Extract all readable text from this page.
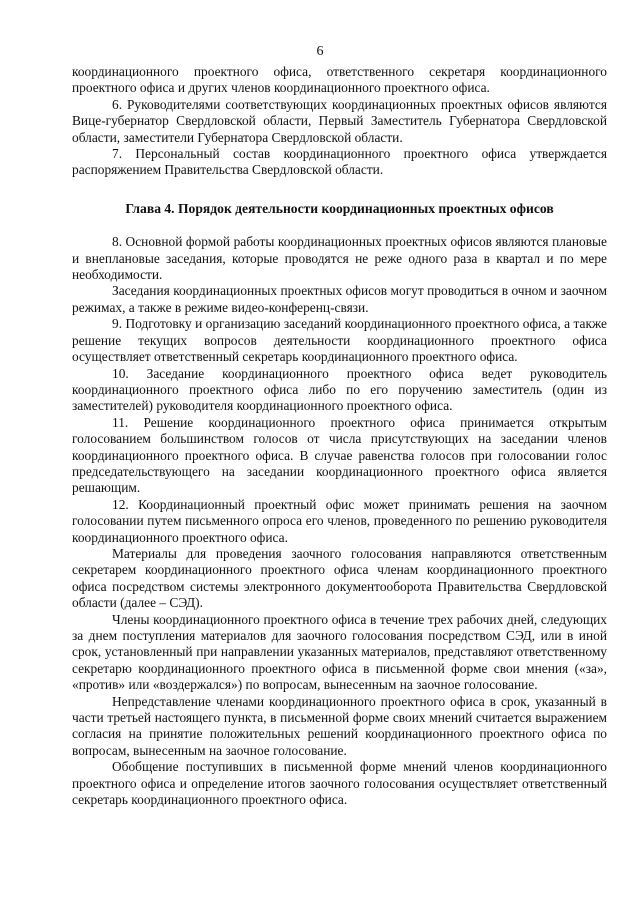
6

координационного проектного офиса, ответственного секретаря координационного проектного офиса и других членов координационного проектного офиса.

6. Руководителями соответствующих координационных проектных офисов являются Вице-губернатор Свердловской области, Первый Заместитель Губернатора Свердловской области, заместители Губернатора Свердловской области.

7. Персональный состав координационного проектного офиса утверждается распоряжением Правительства Свердловской области.

Глава 4. Порядок деятельности координационных проектных офисов

8. Основной формой работы координационных проектных офисов являются плановые и внеплановые заседания, которые проводятся не реже одного раза в квартал и по мере необходимости.

Заседания координационных проектных офисов могут проводиться в очном и заочном режимах, а также в режиме видео-конференц-связи.

9. Подготовку и организацию заседаний координационного проектного офиса, а также решение текущих вопросов деятельности координационного проектного офиса осуществляет ответственный секретарь координационного проектного офиса.

10. Заседание координационного проектного офиса ведет руководитель координационного проектного офиса либо по его поручению заместитель (один из заместителей) руководителя координационного проектного офиса.

11. Решение координационного проектного офиса принимается открытым голосованием большинством голосов от числа присутствующих на заседании членов координационного проектного офиса. В случае равенства голосов при голосовании голос председательствующего на заседании координационного проектного офиса является решающим.

12. Координационный проектный офис может принимать решения на заочном голосовании путем письменного опроса его членов, проведенного по решению руководителя координационного проектного офиса.

Материалы для проведения заочного голосования направляются ответственным секретарем координационного проектного офиса членам координационного проектного офиса посредством системы электронного документооборота Правительства Свердловской области (далее – СЭД).

Члены координационного проектного офиса в течение трех рабочих дней, следующих за днем поступления материалов для заочного голосования посредством СЭД, или в иной срок, установленный при направлении указанных материалов, представляют ответственному секретарю координационного проектного офиса в письменной форме свои мнения («за», «против» или «воздержался») по вопросам, вынесенным на заочное голосование.

Непредставление членами координационного проектного офиса в срок, указанный в части третьей настоящего пункта, в письменной форме своих мнений считается выражением согласия на принятие положительных решений координационного проектного офиса по вопросам, вынесенным на заочное голосование.

Обобщение поступивших в письменной форме мнений членов координационного проектного офиса и определение итогов заочного голосования осуществляет ответственный секретарь координационного проектного офиса.
